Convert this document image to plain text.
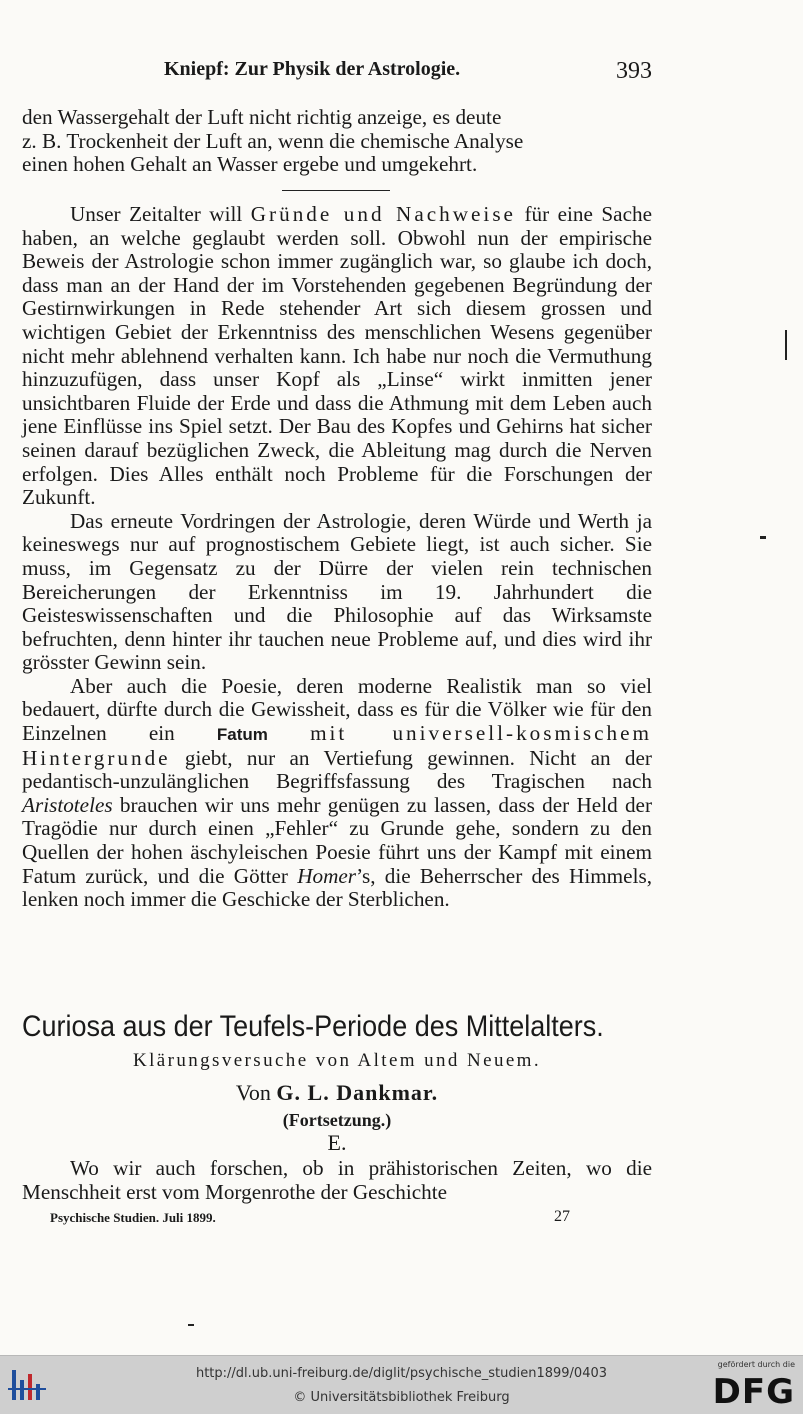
Kniepf: Zur Physik der Astrologie.	393
den Wassergehalt der Luft nicht richtig anzeige, es deute
z. B. Trockenheit der Luft an, wenn die chemische Analyse
einen hohen Gehalt an Wasser ergebe und umgekehrt.

Unser Zeitalter will Gründe und Nachweise für eine Sache haben, an welche geglaubt werden soll. Obwohl nun der empirische Beweis der Astrologie schon immer zugänglich war, so glaube ich doch, dass man an der Hand der im Vorstehenden gegebenen Begründung der Gestirnwirkungen in Rede stehender Art sich diesem grossen und wichtigen Gebiet der Erkenntniss des menschlichen Wesens gegenüber nicht mehr ablehnend verhalten kann. Ich habe nur noch die Vermuthung hinzuzufügen, dass unser Kopf als „Linse“ wirkt inmitten jener unsichtbaren Fluide der Erde und dass die Athmung mit dem Leben auch jene Einflüsse ins Spiel setzt. Der Bau des Kopfes und Gehirns hat sicher seinen darauf bezüglichen Zweck, die Ableitung mag durch die Nerven erfolgen. Dies Alles enthält noch Probleme für die Forschungen der Zukunft.

Das erneute Vordringen der Astrologie, deren Würde und Werth ja keineswegs nur auf prognostischem Gebiete liegt, ist auch sicher. Sie muss, im Gegensatz zu der Dürre der vielen rein technischen Bereicherungen der Erkenntniss im 19. Jahrhundert die Geisteswissenschaften und die Philosophie auf das Wirksamste befruchten, denn hinter ihr tauchen neue Probleme auf, und dies wird ihr grösster Gewinn sein.

Aber auch die Poesie, deren moderne Realistik man so viel bedauert, dürfte durch die Gewissheit, dass es für die Völker wie für den Einzelnen ein Fatum mit universell-kosmischem Hintergrunde giebt, nur an Vertiefung gewinnen. Nicht an der pedantisch-unzulänglichen Begriffsfassung des Tragischen nach Aristoteles brauchen wir uns mehr genügen zu lassen, dass der Held der Tragödie nur durch einen „Fehler“ zu Grunde gehe, sondern zu den Quellen der hohen äschyleischen Poesie führt uns der Kampf mit einem Fatum zurück, und die Götter Homer’s, die Beherrscher des Himmels, lenken noch immer die Geschicke der Sterblichen.

Curiosa aus der Teufels-Periode des Mittelalters.
Klärungsversuche von Altem und Neuem.
Von G. L. Dankmar.
(Fortsetzung.)
E.
Wo wir auch forschen, ob in prähistorischen Zeiten, wo die Menschheit erst vom Morgenrothe der Geschichte
Psychische Studien. Juli 1899.	27
http://dl.ub.uni-freiburg.de/diglit/psychische_studien1899/0403
© Universitätsbibliothek Freiburg
gefördert durch die
DFG
